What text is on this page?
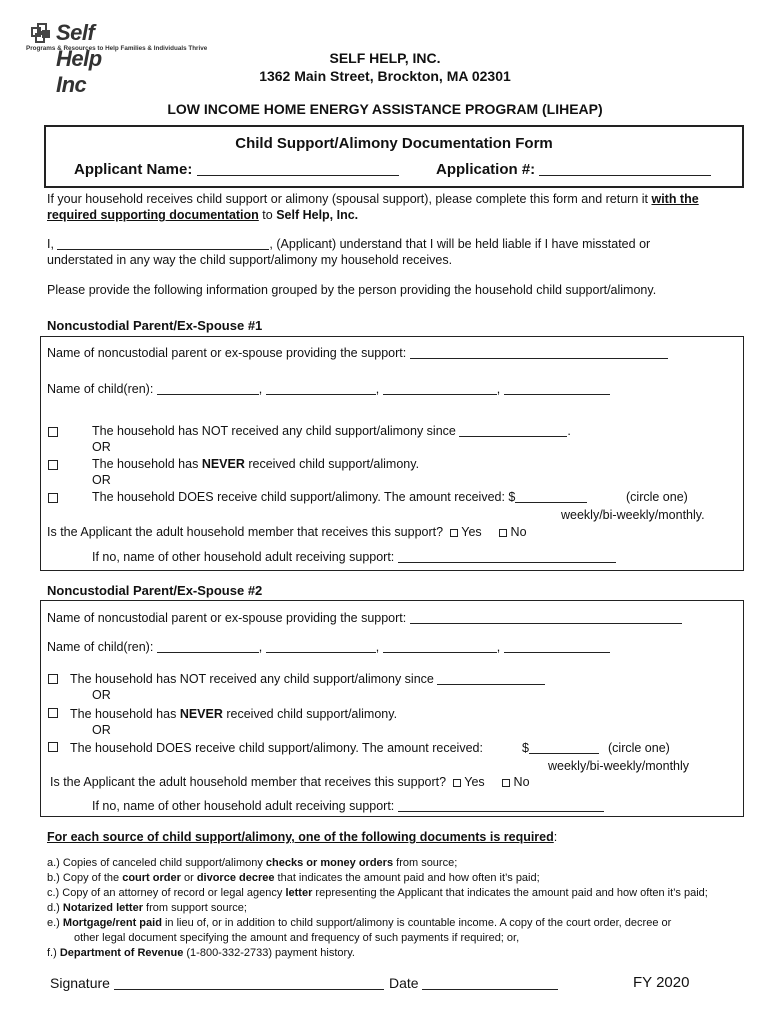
Self Help Inc
Programs & Resources to Help Families & Individuals Thrive
SELF HELP, INC.
1362 Main Street, Brockton, MA 02301
LOW INCOME HOME ENERGY ASSISTANCE PROGRAM (LIHEAP)
Child Support/Alimony Documentation Form
Applicant Name:	Application #:
If your household receives child support or alimony (spousal support), please complete this form and return it with the
required supporting documentation to Self Help, Inc.
I,	, (Applicant) understand that I will be held liable if I have misstated or
understated in any way the child support/alimony my household receives.
Please provide the following information grouped by the person providing the household child support/alimony.
Noncustodial Parent/Ex-Spouse #1
Name of noncustodial parent or ex-spouse providing the support:
Name of child(ren):	,	,	,
The household has NOT received any child support/alimony since	.
OR
The household has NEVER received child support/alimony.
OR
The household DOES receive child support/alimony. The amount received: $	(circle one)
weekly/bi-weekly/monthly.
Is the Applicant the adult household member that receives this support? Yes No
If no, name of other household adult receiving support:
Noncustodial Parent/Ex-Spouse #2
Name of noncustodial parent or ex-spouse providing the support:
Name of child(ren):	,	,	,
The household has NOT received any child support/alimony since
OR
The household has NEVER received child support/alimony.
OR
The household DOES receive child support/alimony. The amount received:	$	(circle one)
weekly/bi-weekly/monthly
Is the Applicant the adult household member that receives this support? Yes No
If no, name of other household adult receiving support:
For each source of child support/alimony, one of the following documents is required:
a.) Copies of canceled child support/alimony checks or money orders from source;
b.) Copy of the court order or divorce decree that indicates the amount paid and how often it’s paid;
c.) Copy of an attorney of record or legal agency letter representing the Applicant that indicates the amount paid and how often it’s paid;
d.) Notarized letter from support source;
e.) Mortgage/rent paid in lieu of, or in addition to child support/alimony is countable income. A copy of the court order, decree or
other legal document specifying the amount and frequency of such payments if required; or,
f.) Department of Revenue (1-800-332-2733) payment history.
Signature	Date	FY 2020
